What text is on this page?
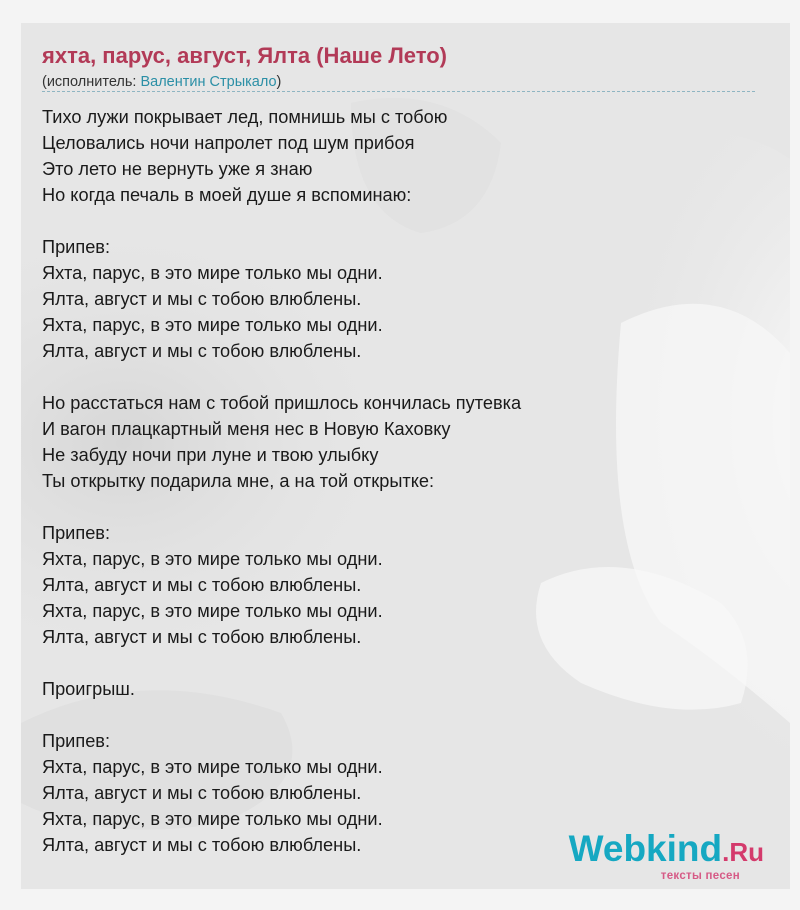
яхта, парус, август, Ялта (Наше Лето)
(исполнитель: Валентин Стрыкало)
Тихо лужи покрывает лед, помнишь мы с тобою
Целовались ночи напролет под шум прибоя
Это лето не вернуть уже я знаю
Но когда печаль в моей душе я вспоминаю:
Припев:
Яхта, парус, в это мире только мы одни.
Ялта, август и мы с тобою влюблены.
Яхта, парус, в это мире только мы одни.
Ялта, август и мы с тобою влюблены.
Но расстаться нам с тобой пришлось кончилась путевка
И вагон плацкартный меня нес в Новую Каховку
Не забуду ночи при луне и твою улыбку
Ты открытку подарила мне, а на той открытке:
Припев:
Яхта, парус, в это мире только мы одни.
Ялта, август и мы с тобою влюблены.
Яхта, парус, в это мире только мы одни.
Ялта, август и мы с тобою влюблены.
Проигрыш.
Припев:
Яхта, парус, в это мире только мы одни.
Ялта, август и мы с тобою влюблены.
Яхта, парус, в это мире только мы одни.
Ялта, август и мы с тобою влюблены.	Webkind.Ru
тексты песен
